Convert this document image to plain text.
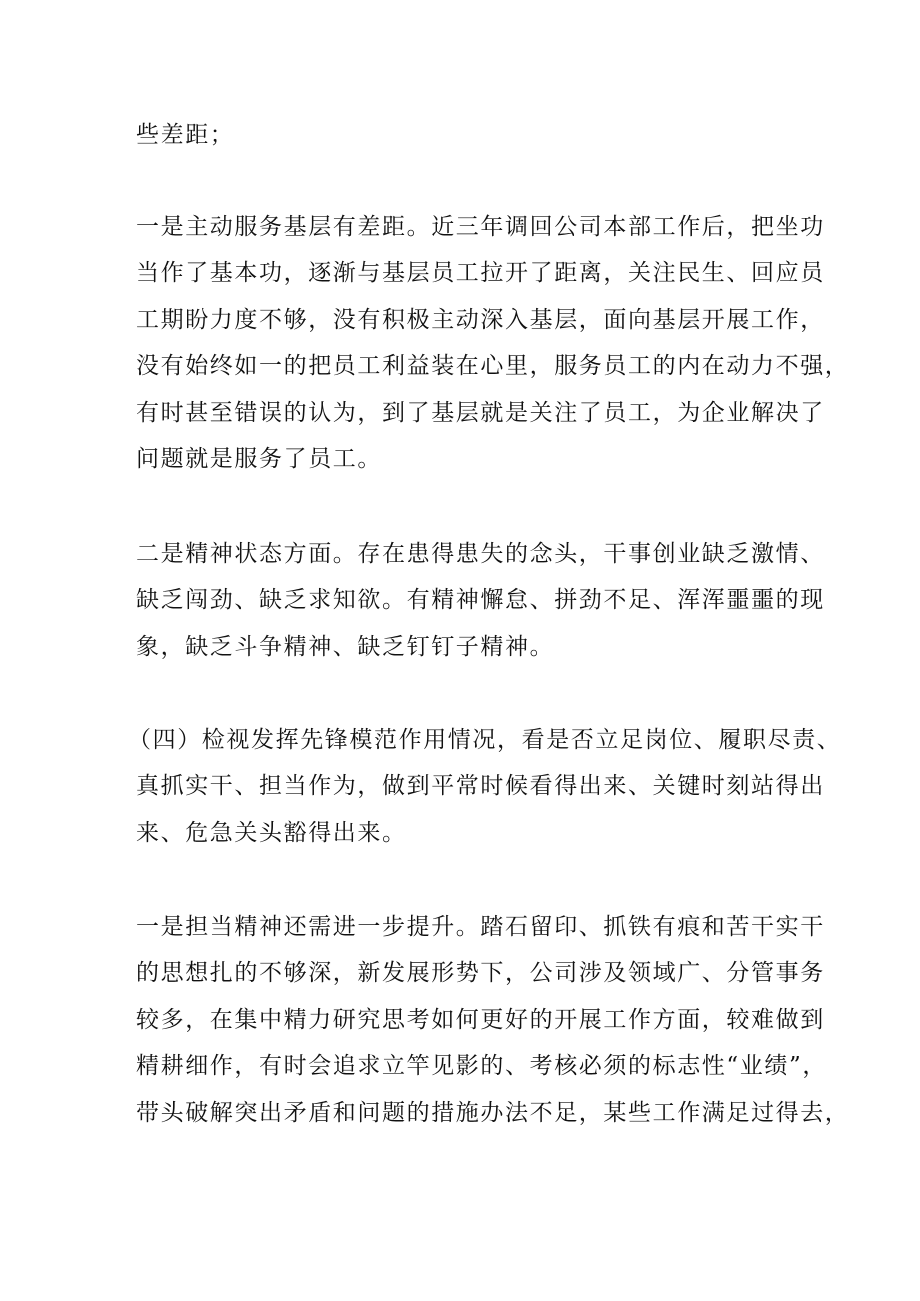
些差距；
一是主动服务基层有差距。近三年调回公司本部工作后，把坐功
当作了基本功，逐渐与基层员工拉开了距离，关注民生、回应员
工期盼力度不够，没有积极主动深入基层，面向基层开展工作，
没有始终如一的把员工利益装在心里，服务员工的内在动力不强，
有时甚至错误的认为，到了基层就是关注了员工，为企业解决了
问题就是服务了员工。
二是精神状态方面。存在患得患失的念头，干事创业缺乏激情、
缺乏闯劲、缺乏求知欲。有精神懈怠、拼劲不足、浑浑噩噩的现
象，缺乏斗争精神、缺乏钉钉子精神。
（四）检视发挥先锋模范作用情况，看是否立足岗位、履职尽责、
真抓实干、担当作为，做到平常时候看得出来、关键时刻站得出
来、危急关头豁得出来。
一是担当精神还需进一步提升。踏石留印、抓铁有痕和苦干实干
的思想扎的不够深，新发展形势下，公司涉及领域广、分管事务
较多，在集中精力研究思考如何更好的开展工作方面，较难做到
精耕细作，有时会追求立竿见影的、考核必须的标志性“业绩”，
带头破解突出矛盾和问题的措施办法不足，某些工作满足过得去，
